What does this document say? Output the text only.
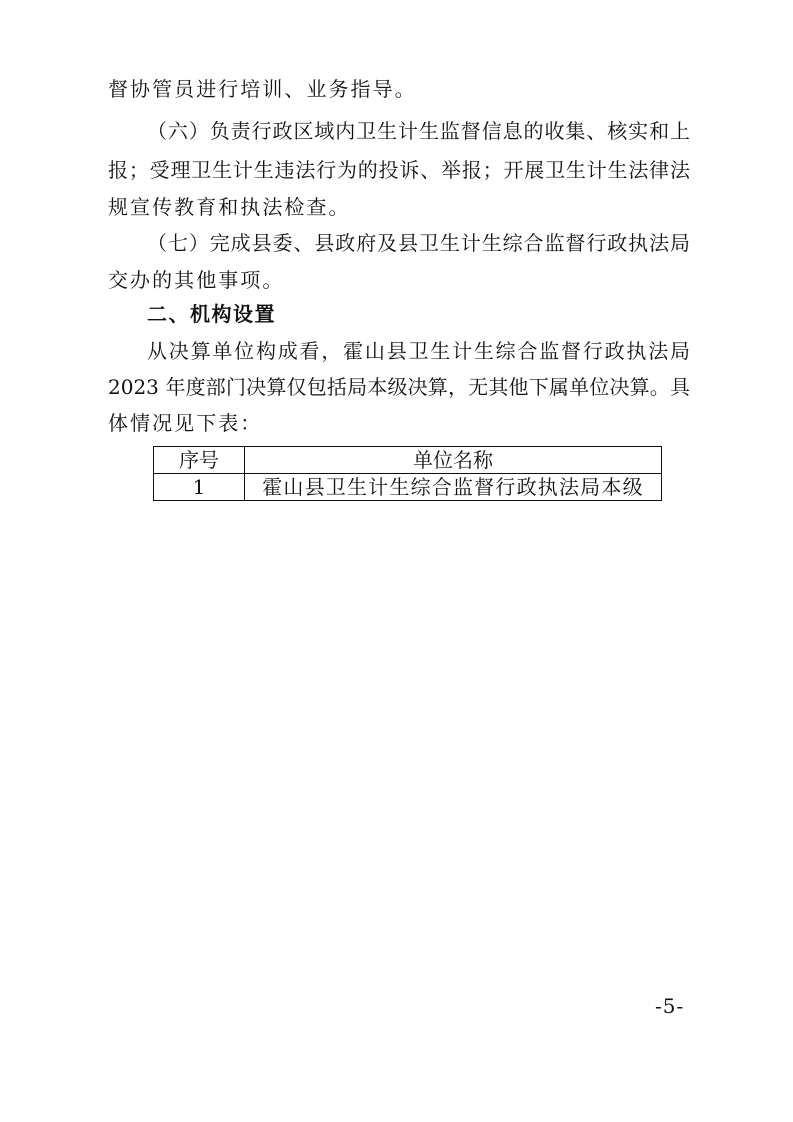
督协管员进行培训、业务指导。
（六）负责行政区域内卫生计生监督信息的收集、核实和上
报；受理卫生计生违法行为的投诉、举报；开展卫生计生法律法
规宣传教育和执法检查。
（七）完成县委、县政府及县卫生计生综合监督行政执法局
交办的其他事项。
二、机构设置
从决算单位构成看，霍山县卫生计生综合监督行政执法局
2023 年度部门决算仅包括局本级决算，无其他下属单位决算。具
体情况见下表：
序号	单位名称
1	霍山县卫生计生综合监督行政执法局本级
-5-
